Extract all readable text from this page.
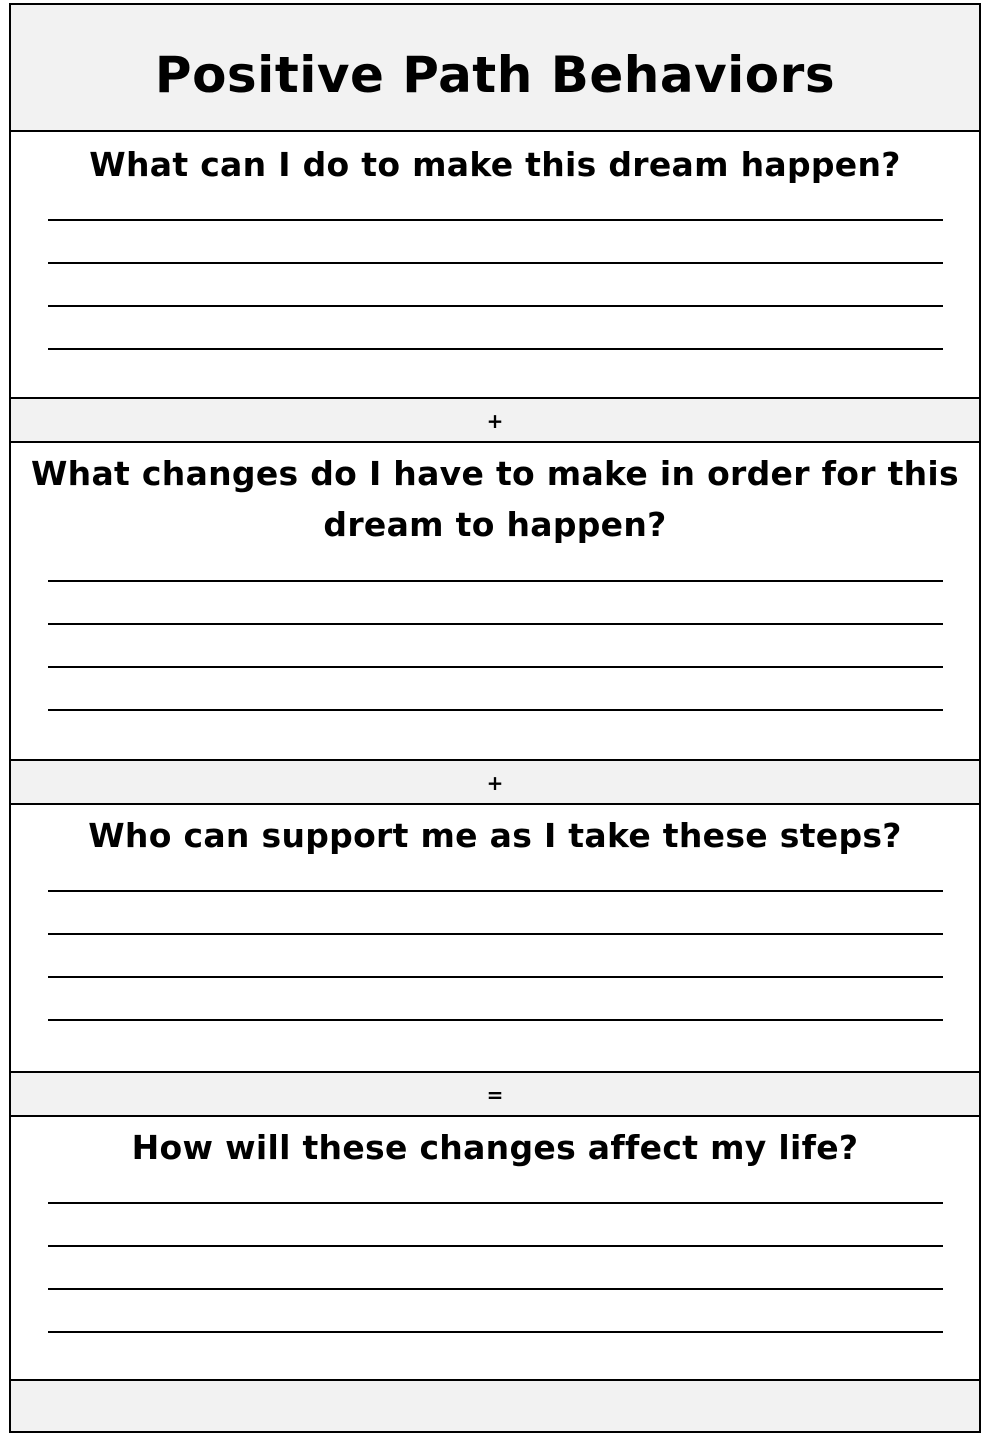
Positive Path Behaviors
What can I do to make this dream happen?
+
What changes do I have to make in order for this dream to happen?
+
Who can support me as I take these steps?
=
How will these changes affect my life?
